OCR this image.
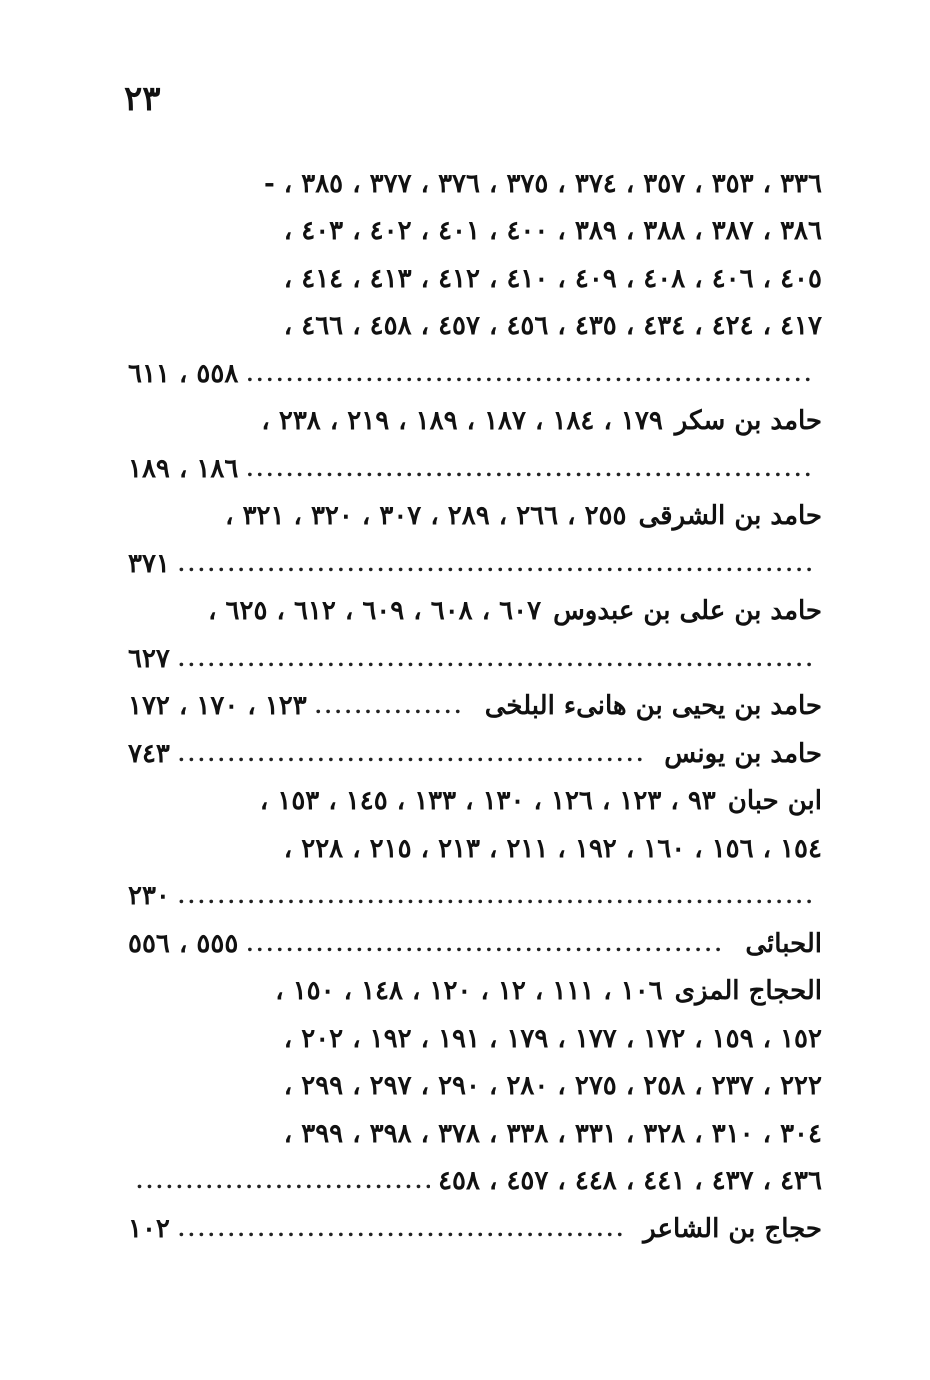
٢٣
٣٣٦ ، ٣٥٣ ، ٣٥٧ ، ٣٧٤ ، ٣٧٥ ، ٣٧٦ ، ٣٧٧ ، ٣٨٥ ، -
٣٨٦ ، ٣٨٧ ، ٣٨٨ ، ٣٨٩ ، ٤٠٠ ، ٤٠١ ، ٤٠٢ ، ٤٠٣ ،
٤٠٥ ، ٤٠٦ ، ٤٠٨ ، ٤٠٩ ، ٤١٠ ، ٤١٢ ، ٤١٣ ، ٤١٤ ،
٤١٧ ، ٤٢٤ ، ٤٣٤ ، ٤٣٥ ، ٤٥٦ ، ٤٥٧ ، ٤٥٨ ، ٤٦٦ ،
.....
٥٥٨ ، ٦١١
حامد بن سكر
١٧٩ ، ١٨٤ ، ١٨٧ ، ١٨٩ ، ٢١٩ ، ٢٣٨ ،
.....
١٨٦ ، ١٨٩
حامد بن الشرقى
٢٥٥ ، ٢٦٦ ، ٢٨٩ ، ٣٠٧ ، ٣٢٠ ، ٣٢١ ،
.....
٣٧١
حامد بن على بن عبدوس
٦٠٧ ، ٦٠٨ ، ٦٠٩ ، ٦١٢ ، ٦٢٥ ،
.....
٦٢٧
حامد بن يحيى بن هانىء البلخى
.....
١٢٣ ، ١٧٠ ، ١٧٢
حامد بن يونس
.....
٧٤٣
ابن حبان
٩٣ ، ١٢٣ ، ١٢٦ ، ١٣٠ ، ١٣٣ ، ١٤٥ ، ١٥٣ ،
١٥٤ ، ١٥٦ ، ١٦٠ ، ١٩٢ ، ٢١١ ، ٢١٣ ، ٢١٥ ، ٢٢٨ ،
.....
٢٣٠
الحبائى
.....
٥٥٥ ، ٥٥٦
الحجاج المزى
١٠٦ ، ١١١ ، ١٢ ، ١٢٠ ، ١٤٨ ، ١٥٠ ،
١٥٢ ، ١٥٩ ، ١٧٢ ، ١٧٧ ، ١٧٩ ، ١٩١ ، ١٩٢ ، ٢٠٢ ،
٢٢٢ ، ٢٣٧ ، ٢٥٨ ، ٢٧٥ ، ٢٨٠ ، ٢٩٠ ، ٢٩٧ ، ٢٩٩ ،
٣٠٤ ، ٣١٠ ، ٣٢٨ ، ٣٣١ ، ٣٣٨ ، ٣٧٨ ، ٣٩٨ ، ٣٩٩ ،
٤٣٦ ، ٤٣٧ ، ٤٤١ ، ٤٤٨ ، ٤٥٧ ، ٤٥٨
.....
حجاج بن الشاعر
.....
١٠٢
